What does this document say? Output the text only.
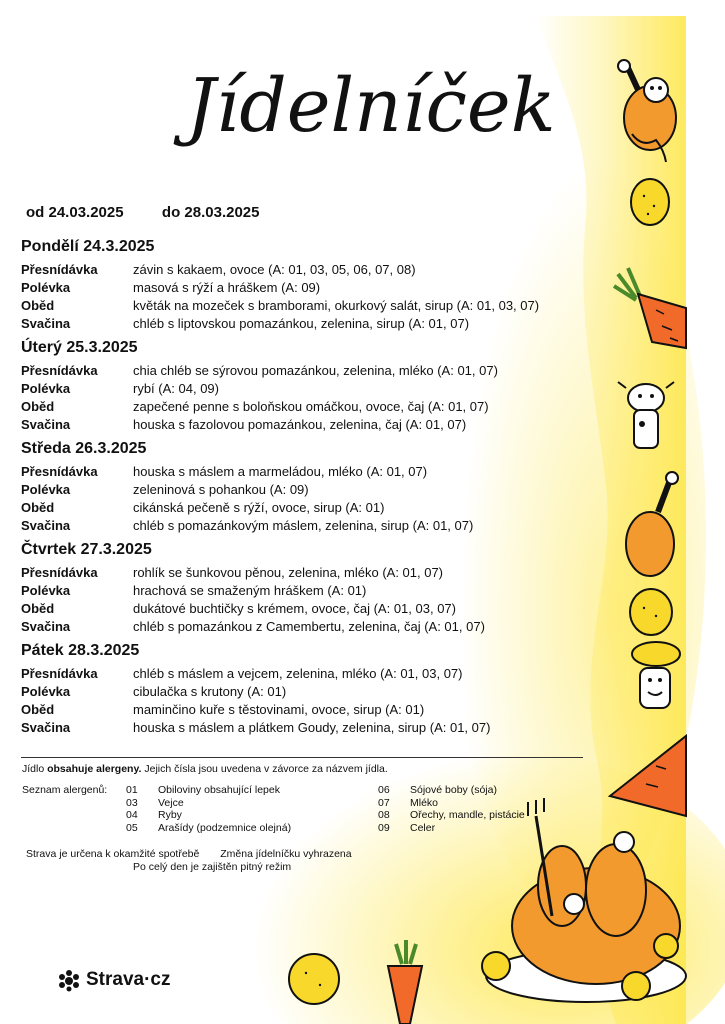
Jídelníček
od 24.03.2025	do 28.03.2025
Pondělí 24.3.2025
Přesnídávka	závin s kakaem, ovoce (A: 01, 03, 05, 06, 07, 08)
Polévka	masová s rýží a hráškem (A: 09)
Oběd	květák na mozeček s bramborami, okurkový salát, sirup (A: 01, 03, 07)
Svačina	chléb s liptovskou pomazánkou, zelenina, sirup (A: 01, 07)
Úterý 25.3.2025
Přesnídávka	chia chléb se sýrovou pomazánkou, zelenina, mléko (A: 01, 07)
Polévka	rybí (A: 04, 09)
Oběd	zapečené penne s boloňskou omáčkou, ovoce, čaj (A: 01, 07)
Svačina	houska s fazolovou pomazánkou, zelenina, čaj (A: 01, 07)
Středa 26.3.2025
Přesnídávka	houska s máslem a marmeládou, mléko (A: 01, 07)
Polévka	zeleninová s pohankou (A: 09)
Oběd	cikánská pečeně s rýží, ovoce, sirup (A: 01)
Svačina	chléb s pomazánkovým máslem, zelenina, sirup (A: 01, 07)
Čtvrtek 27.3.2025
Přesnídávka	rohlík se šunkovou pěnou, zelenina, mléko (A: 01, 07)
Polévka	hrachová se smaženým hráškem (A: 01)
Oběd	dukátové buchtičky s krémem, ovoce, čaj (A: 01, 03, 07)
Svačina	chléb s pomazánkou z Camembertu, zelenina, čaj (A: 01, 07)
Pátek 28.3.2025
Přesnídávka	chléb s máslem a vejcem, zelenina, mléko (A: 01, 03, 07)
Polévka	cibulačka s krutony (A: 01)
Oběd	maminčino kuře s těstovinami, ovoce, sirup (A: 01)
Svačina	houska s máslem a plátkem Goudy, zelenina, sirup (A: 01, 07)
Jídlo obsahuje alergeny. Jejich čísla jsou uvedena v závorce za názvem jídla.
Seznam alergenů: 01	Obiloviny obsahující lepek
03	Vejce
04	Ryby
05	Arašídy (podzemnice olejná)
06	Sójové boby (sója)
07	Mléko
08	Ořechy, mandle, pistácie
09	Celer
Strava je určena k okamžité spotřebě Změna jídelníčku vyhrazena
Po celý den je zajištěn pitný režim
Strava·cz
